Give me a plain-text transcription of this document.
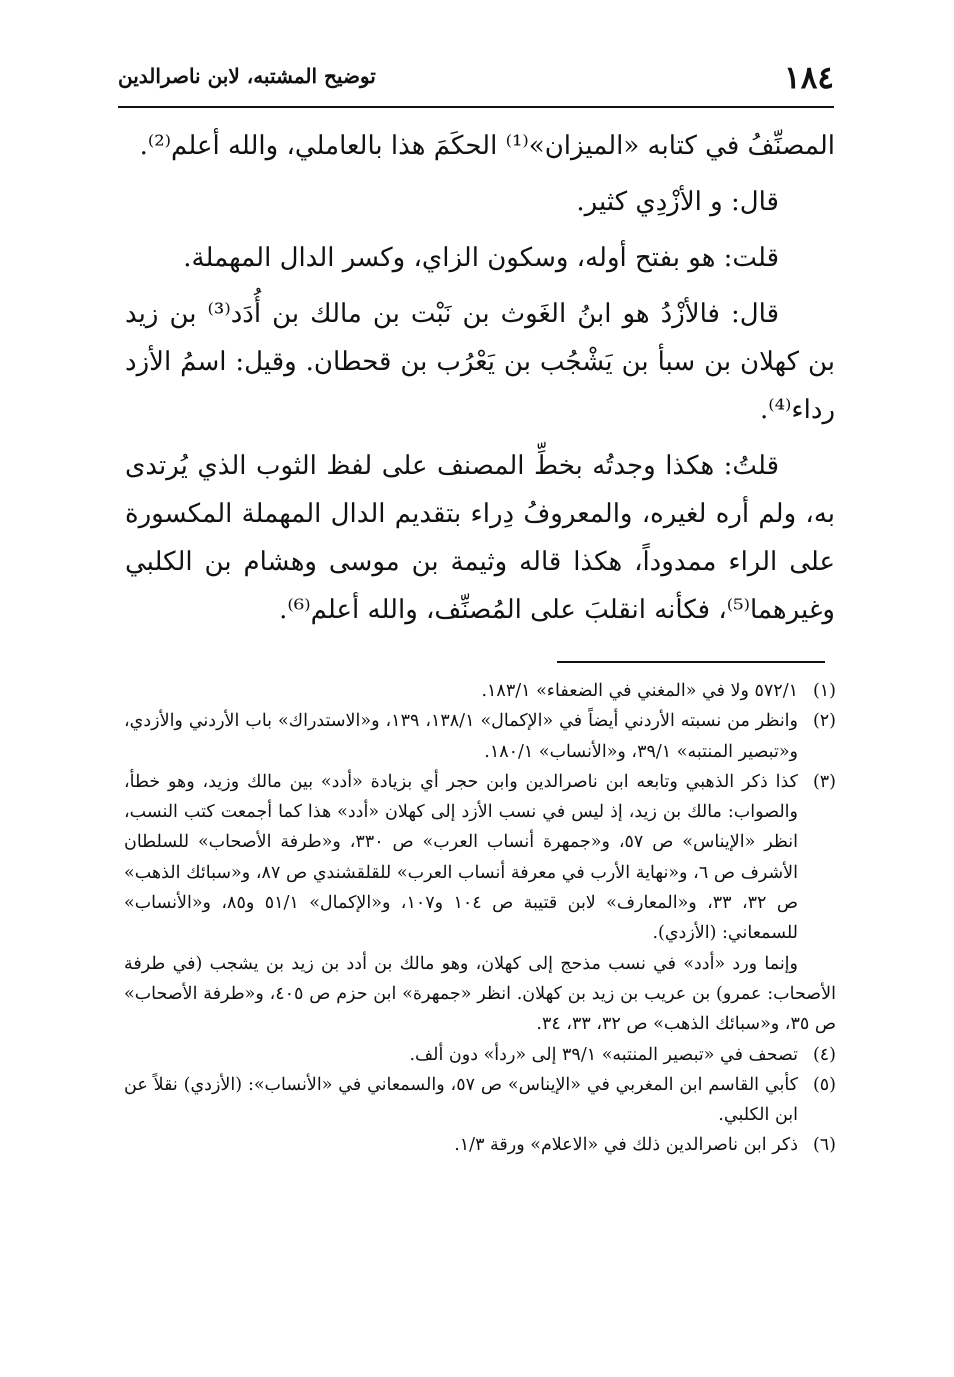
١٨٤
توضيح المشتبه، لابن ناصرالدين

المصنِّفُ في كتابه «الميزان»⁽¹⁾ الحكَمَ هذا بالعاملي، والله أعلم⁽²⁾.

قال: و الأزْدِي كثير.

قلت: هو بفتح أوله، وسكون الزاي، وكسر الدال المهملة.

قال: فالأزْدُ هو ابنُ الغَوث بن نَبْت بن مالك بن أُدَد⁽³⁾ بن زيد بن كهلان بن سبأ بن يَشْجُب بن يَعْرُب بن قحطان. وقيل: اسمُ الأزد رداء⁽⁴⁾.

قلتُ: هكذا وجدتُه بخطِّ المصنف على لفظ الثوب الذي يُرتدى به، ولم أره لغيره، والمعروفُ دِراء بتقديم الدال المهملة المكسورة على الراء ممدوداً، هكذا قاله وثيمة بن موسى وهشام بن الكلبي وغيرهما⁽⁵⁾، فكأنه انقلبَ على المُصنِّف، والله أعلم⁽⁶⁾.

(١)
٥٧٢/١ ولا في «المغني في الضعفاء» ١٨٣/١.
(٢)
وانظر من نسبته الأردني أيضاً في «الإكمال» ١٣٨/١، ١٣٩، و«الاستدراك» باب الأردني والأزدي، و«تبصير المنتبه» ٣٩/١، و«الأنساب» ١٨٠/١.
(٣)
كذا ذكر الذهبي وتابعه ابن ناصرالدين وابن حجر أي بزيادة «أدد» بين مالك وزيد، وهو خطأ، والصواب: مالك بن زيد، إذ ليس في نسب الأزد إلى كهلان «أدد» هذا كما أجمعت كتب النسب، انظر «الإيناس» ص ٥٧، و«جمهرة أنساب العرب» ص ٣٣٠، و«طرفة الأصحاب» للسلطان الأشرف ص ٦، و«نهاية الأرب في معرفة أنساب العرب» للقلقشندي ص ٨٧، و«سبائك الذهب» ص ٣٢، ٣٣، و«المعارف» لابن قتيبة ص ١٠٤ و١٠٧، و«الإكمال» ٥١/١ و٨٥، و«الأنساب» للسمعاني: (الأزدي).
وإنما ورد «أدد» في نسب مذحج إلى كهلان، وهو مالك بن أدد بن زيد بن يشجب (في طرفة الأصحاب: عمرو) بن عريب بن زيد بن كهلان. انظر «جمهرة» ابن حزم ص ٤٠٥، و«طرفة الأصحاب» ص ٣٥، و«سبائك الذهب» ص ٣٢، ٣٣، ٣٤.
(٤)
تصحف في «تبصير المنتبه» ٣٩/١ إلى «ردأ» دون ألف.
(٥)
كأبي القاسم ابن المغربي في «الإيناس» ص ٥٧، والسمعاني في «الأنساب»: (الأزدي) نقلاً عن ابن الكلبي.
(٦)
ذكر ابن ناصرالدين ذلك في «الاعلام» ورقة ١/٣.
